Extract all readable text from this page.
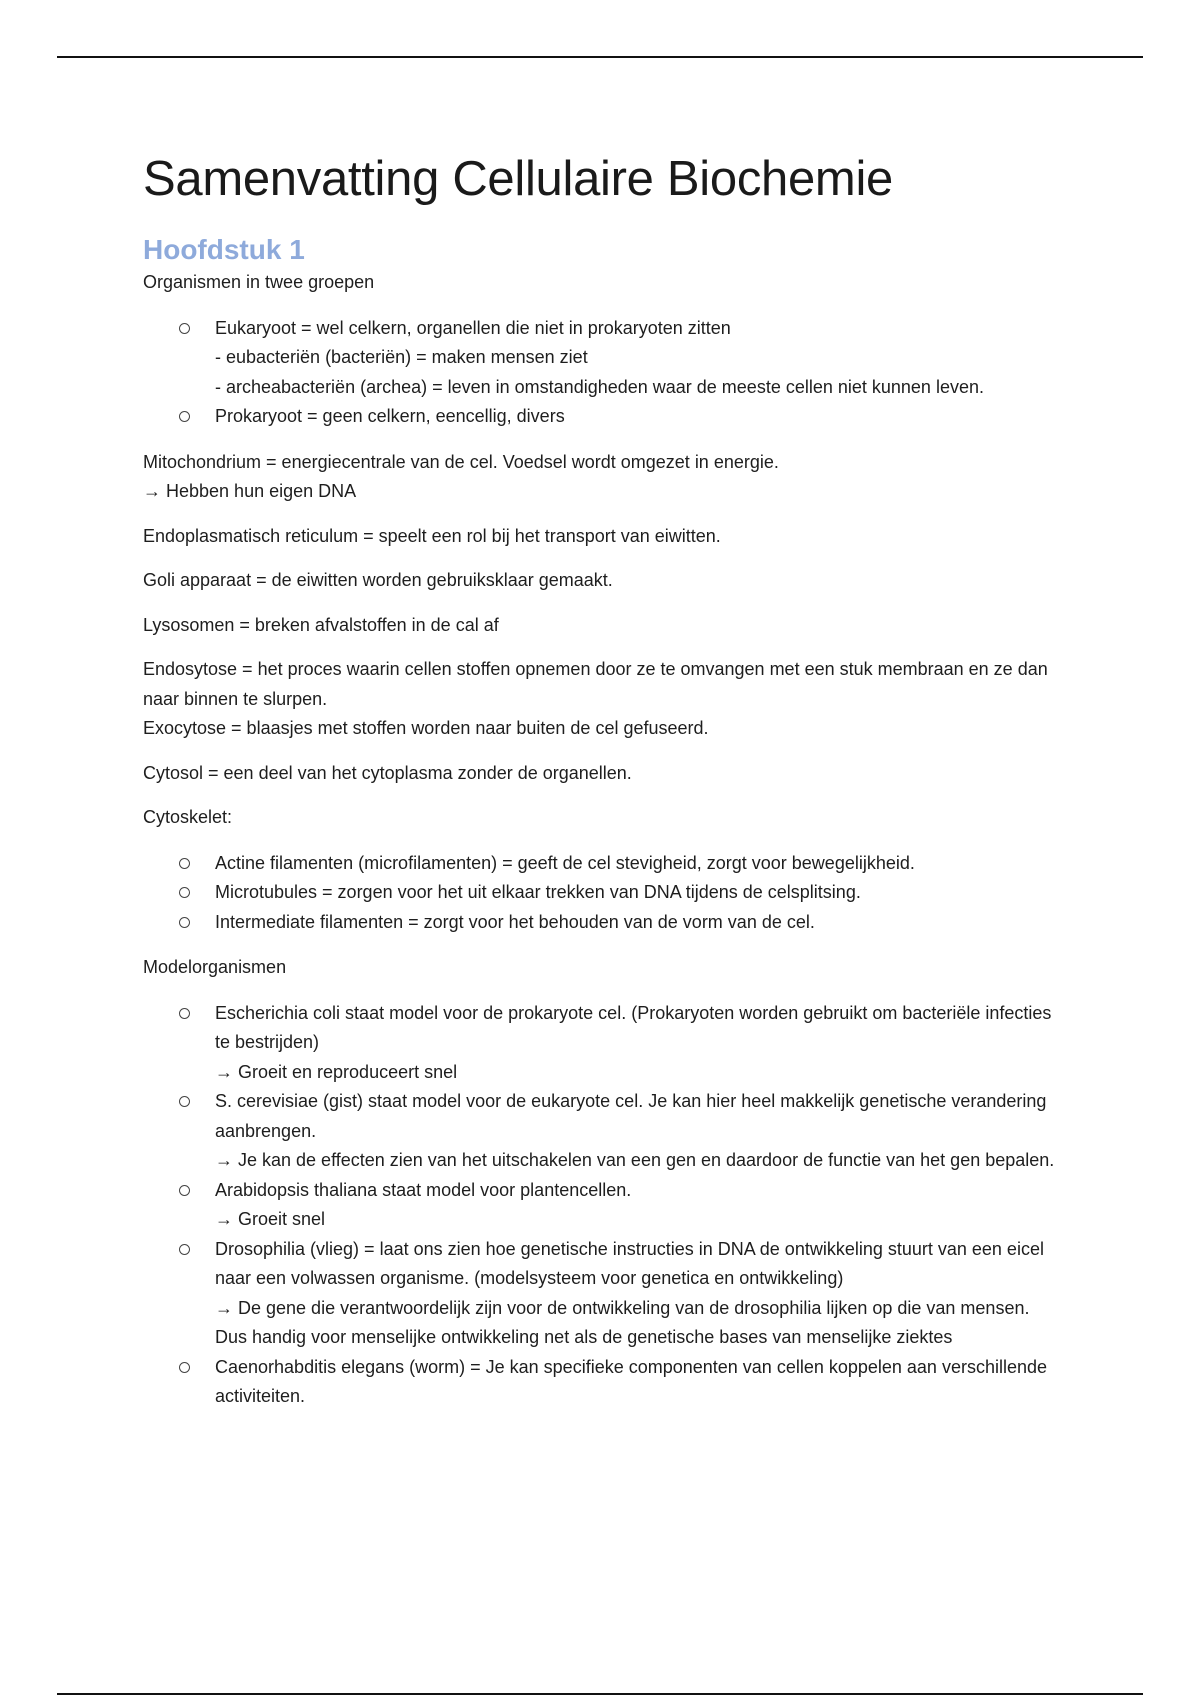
Samenvatting Cellulaire Biochemie
Hoofdstuk 1

Organismen in twee groepen

Eukaryoot = wel celkern, organellen die niet in prokaryoten zitten
- eubacteriën (bacteriën) = maken mensen ziet
- archeabacteriën (archea) = leven in omstandigheden waar de meeste cellen niet kunnen leven.
Prokaryoot = geen celkern, eencellig, divers

Mitochondrium = energiecentrale van de cel. Voedsel wordt omgezet in energie.

→ Hebben hun eigen DNA

Endoplasmatisch reticulum = speelt een rol bij het transport van eiwitten.

Goli apparaat = de eiwitten worden gebruiksklaar gemaakt.

Lysosomen = breken afvalstoffen in de cal af

Endosytose = het proces waarin cellen stoffen opnemen door ze te omvangen met een stuk membraan en ze dan naar binnen te slurpen.

Exocytose = blaasjes met stoffen worden naar buiten de cel gefuseerd.

Cytosol = een deel van het cytoplasma zonder de organellen.

Cytoskelet:

Actine filamenten (microfilamenten) = geeft de cel stevigheid, zorgt voor bewegelijkheid.
Microtubules = zorgen voor het uit elkaar trekken van DNA tijdens de celsplitsing.
Intermediate filamenten = zorgt voor het behouden van de vorm van de cel.

Modelorganismen

Escherichia coli staat model voor de prokaryote cel. (Prokaryoten worden gebruikt om bacteriële infecties te bestrijden)
→ Groeit en reproduceert snel
S. cerevisiae (gist) staat model voor de eukaryote cel. Je kan hier heel makkelijk genetische verandering aanbrengen.
→ Je kan de effecten zien van het uitschakelen van een gen en daardoor de functie van het gen bepalen.
Arabidopsis thaliana staat model voor plantencellen.
→ Groeit snel
Drosophilia (vlieg) = laat ons zien hoe genetische instructies in DNA de ontwikkeling stuurt van een eicel naar een volwassen organisme. (modelsysteem voor genetica en ontwikkeling)
→ De gene die verantwoordelijk zijn voor de ontwikkeling van de drosophilia lijken op die van mensen. Dus handig voor menselijke ontwikkeling net als de genetische bases van menselijke ziektes
Caenorhabditis elegans (worm) = Je kan specifieke componenten van cellen koppelen aan verschillende activiteiten.
